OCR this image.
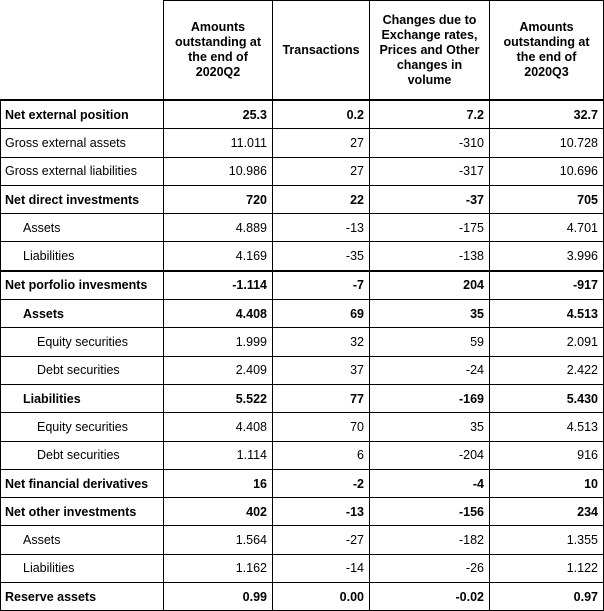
	Amounts outstanding at the end of 2020Q2	Transactions	Changes due to Exchange rates, Prices and Other changes in volume	Amounts outstanding at the end of 2020Q3
Net external position	25.3	0.2	7.2	32.7
Gross external assets	11.011	27	-310	10.728
Gross external liabilities	10.986	27	-317	10.696
Net direct investments	720	22	-37	705
Assets	4.889	-13	-175	4.701
Liabilities	4.169	-35	-138	3.996
Net porfolio invesments	-1.114	-7	204	-917
Assets	4.408	69	35	4.513
Equity securities	1.999	32	59	2.091
Debt securities	2.409	37	-24	2.422
Liabilities	5.522	77	-169	5.430
Equity securities	4.408	70	35	4.513
Debt securities	1.114	6	-204	916
Net financial derivatives	16	-2	-4	10
Net other investments	402	-13	-156	234
Assets	1.564	-27	-182	1.355
Liabilities	1.162	-14	-26	1.122
Reserve assets	0.99	0.00	-0.02	0.97
